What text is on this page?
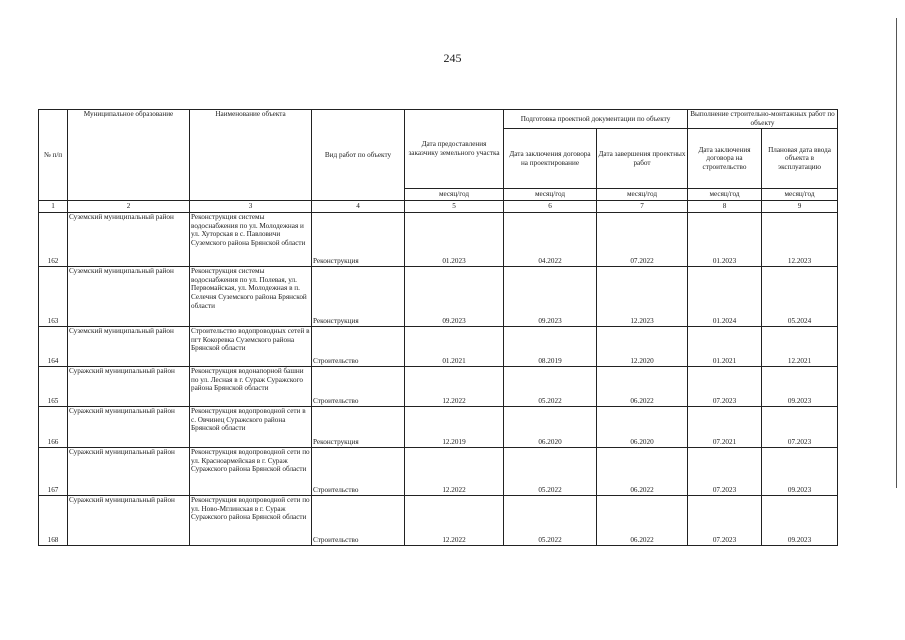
245
№ п/п	Муниципальное образование	Наименование объекта	Вид работ по объекту	Дата предоставления заказчику земельного участка	Подготовка проектной документации по объекту		Выполнение строительно-монтажных работ по объекту	
					Дата заключения договора на проектирование	Дата завершения проектных работ	Дата заключения договора на строительство	Плановая дата ввода объекта в эксплуатацию
				месяц/год	месяц/год	месяц/год	месяц/год	месяц/год
1	2	3	4	5	6	7	8	9
162	Суземский муниципальный район	Реконструкция системы водоснабжения по ул. Молодежная и ул. Хуторская в с. Павловичи Суземского района Брянской области	Реконструкция	01.2023	04.2022	07.2022	01.2023	12.2023
163	Суземский муниципальный район	Реконструкция системы водоснабжения по ул. Полевая, ул. Первомайская, ул. Молодежная в п. Селечня Суземского района Брянской области	Реконструкция	09.2023	09.2023	12.2023	01.2024	05.2024
164	Суземский муниципальный район	Строительство водопроводных сетей в пгт Кокоревка Суземского района Брянской области	Строительство	01.2021	08.2019	12.2020	01.2021	12.2021
165	Суражский муниципальный район	Реконструкция водонапорной башни по ул. Лесная в г. Сураж Суражского района Брянской области	Строительство	12.2022	05.2022	06.2022	07.2023	09.2023
166	Суражский муниципальный район	Реконструкция водопроводной сети в с. Овчинец Суражского района Брянской области	Реконструкция	12.2019	06.2020	06.2020	07.2021	07.2023
167	Суражский муниципальный район	Реконструкция водопроводной сети по ул. Красноармейская в г. Сураж Суражского района Брянской области	Строительство	12.2022	05.2022	06.2022	07.2023	09.2023
168	Суражский муниципальный район	Реконструкция водопроводной сети по ул. Ново-Мглинская в г. Сураж Суражского района Брянской области	Строительство	12.2022	05.2022	06.2022	07.2023	09.2023
